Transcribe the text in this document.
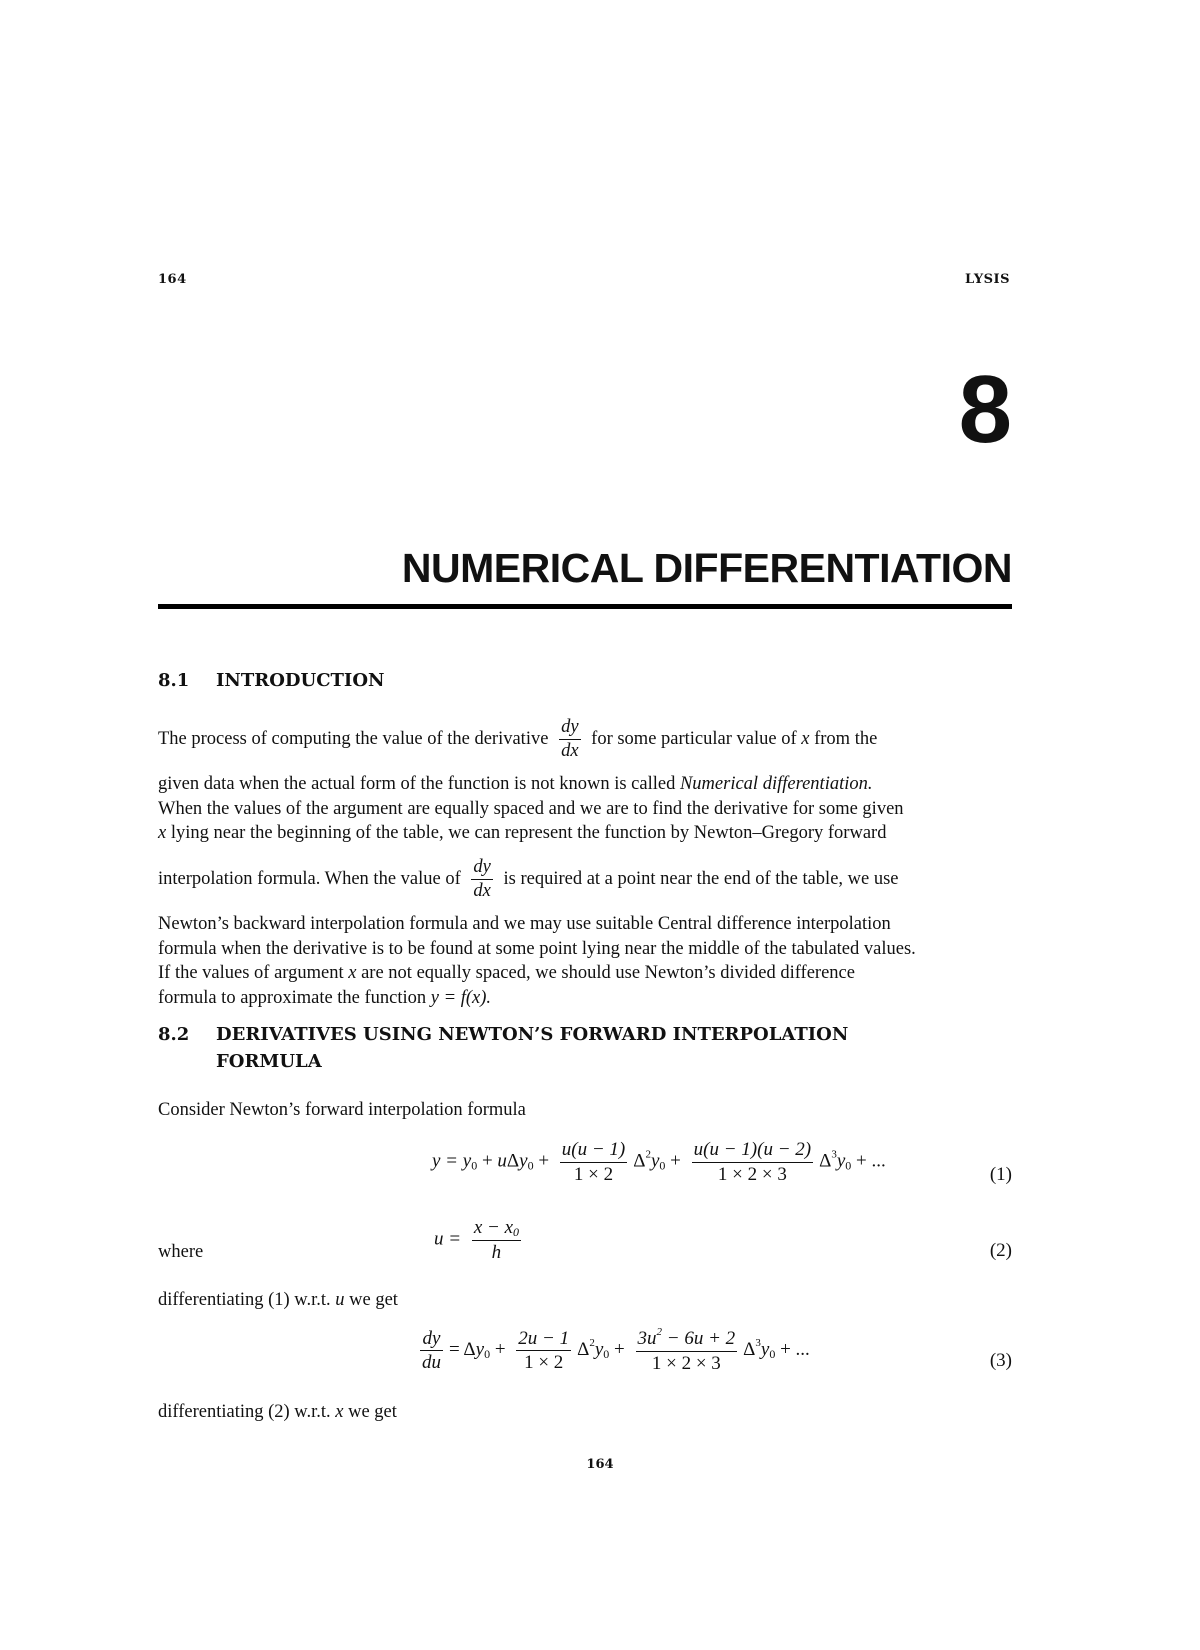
164	LYSIS
8
NUMERICAL DIFFERENTIATION
8.1 INTRODUCTION
The process of computing the value of the derivative $\frac{dy}{dx}$ for some particular value of x from the
given data when the actual form of the function is not known is called Numerical differentiation.
When the values of the argument are equally spaced and we are to find the derivative for some given
x lying near the beginning of the table, we can represent the function by Newton–Gregory forward
interpolation formula. When the value of $\frac{dy}{dx}$ is required at a point near the end of the table, we use
Newton’s backward interpolation formula and we may use suitable Central difference interpolation
formula when the derivative is to be found at some point lying near the middle of the tabulated values.
If the values of argument x are not equally spaced, we should use Newton’s divided difference
formula to approximate the function y = f(x).
8.2 DERIVATIVES USING NEWTON’S FORWARD INTERPOLATION
FORMULA
Consider Newton’s forward interpolation formula
$y = y_0 + u\Delta y_0 + \frac{u(u - 1)}{1 \times 2} \Delta^2y_0 + \frac{u(u - 1)(u - 2)}{1 \times 2 \times 3} \Delta^3y_0$ + ...
(1)
where
$u = \frac{x - x_0}{h}$	(2)
differentiating (1) w.r.t. u we get
$\frac{dy}{du} = \Delta y_0 + \frac{2u - 1}{1 \times 2} \Delta^2y_0 + \frac{3u^2 - 6u + 2}{1 \times 2 \times 3} \Delta^3y_0$ + ...
(3)
differentiating (2) w.r.t. x we get
164
